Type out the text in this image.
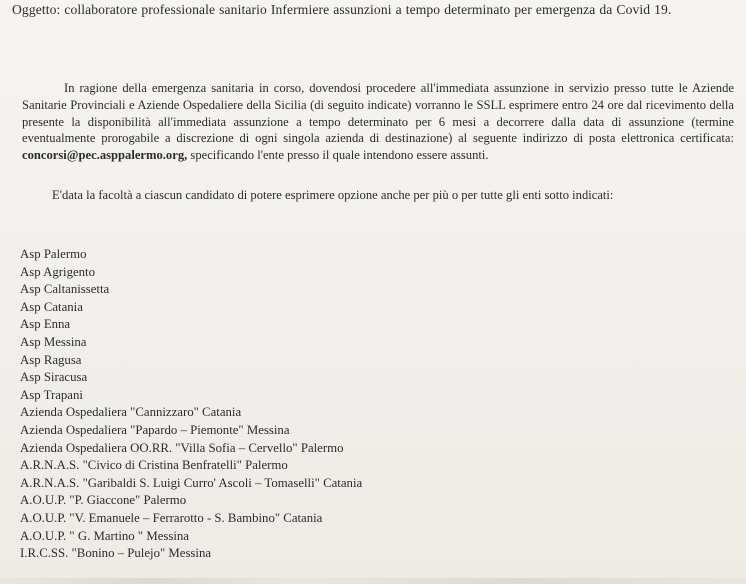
Oggetto: collaboratore professionale sanitario Infermiere assunzioni a tempo determinato per emergenza da Covid 19.
In ragione della emergenza sanitaria in corso, dovendosi procedere all'immediata assunzione in servizio presso tutte le Aziende Sanitarie Provinciali e Aziende Ospedaliere della Sicilia (di seguito indicate) vorranno le SSLL esprimere entro 24 ore dal ricevimento della presente la disponibilità all'immediata assunzione a tempo determinato per 6 mesi a decorrere dalla data di assunzione (termine eventualmente prorogabile a discrezione di ogni singola azienda di destinazione) al seguente indirizzo di posta elettronica certificata: concorsi@pec.asppalermo.org, specificando l'ente presso il quale intendono essere assunti.
E'data la facoltà a ciascun candidato di potere esprimere opzione anche per più o per tutte gli enti sotto indicati:
Asp Palermo
Asp Agrigento
Asp Caltanissetta
Asp Catania
Asp Enna
Asp Messina
Asp Ragusa
Asp Siracusa
Asp Trapani
Azienda Ospedaliera "Cannizzaro" Catania
Azienda Ospedaliera "Papardo – Piemonte" Messina
Azienda Ospedaliera OO.RR. "Villa Sofia – Cervello" Palermo
A.R.N.A.S. "Civico di Cristina Benfratelli" Palermo
A.R.N.A.S. "Garibaldi S. Luigi Curro' Ascoli – Tomaselli" Catania
A.O.U.P. "P. Giaccone" Palermo
A.O.U.P. "V. Emanuele – Ferrarotto - S. Bambino" Catania
A.O.U.P. " G. Martino " Messina
I.R.C.SS. "Bonino – Pulejo" Messina
